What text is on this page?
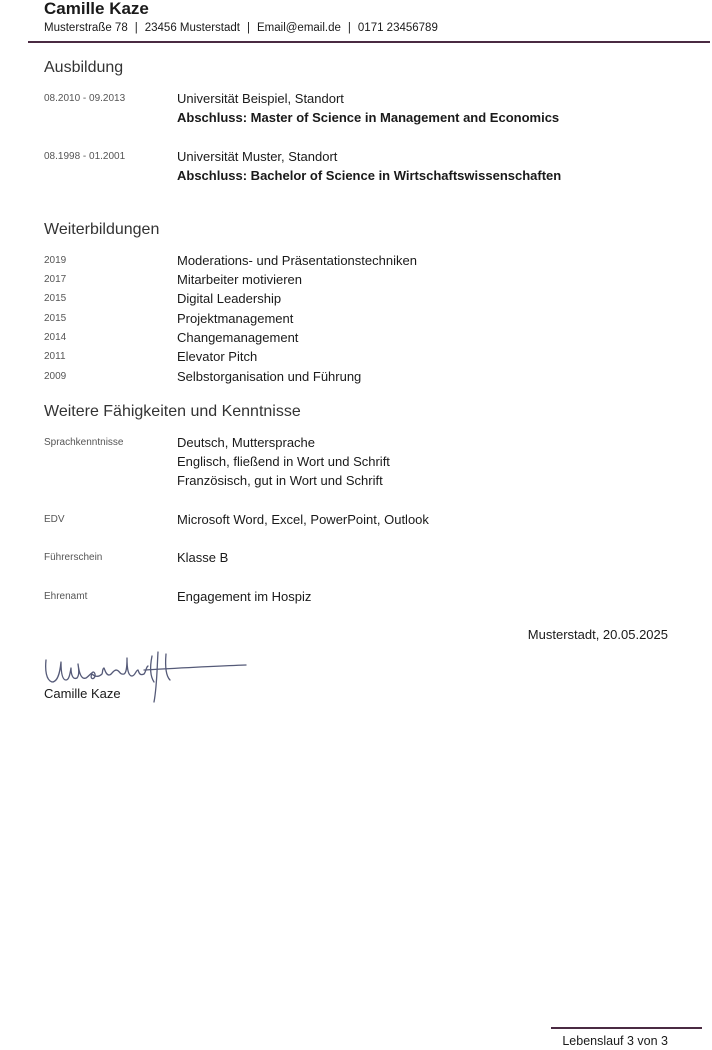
Camille Kaze
Musterstraße 78 | 23456 Musterstadt | Email@email.de | 0171 23456789
Ausbildung
08.2010 - 09.2013	Universität Beispiel, Standort
Abschluss: Master of Science in Management and Economics
08.1998 - 01.2001	Universität Muster, Standort
Abschluss: Bachelor of Science in Wirtschaftswissenschaften
Weiterbildungen
2019	Moderations- und Präsentationstechniken
2017	Mitarbeiter motivieren
2015	Digital Leadership
2015	Projektmanagement
2014	Changemanagement
2011	Elevator Pitch
2009	Selbstorganisation und Führung
Weitere Fähigkeiten und Kenntnisse
Sprachkenntnisse	Deutsch, Muttersprache
Englisch, fließend in Wort und Schrift
Französisch, gut in Wort und Schrift
EDV	Microsoft Word, Excel, PowerPoint, Outlook
Führerschein	Klasse B
Ehrenamt	Engagement im Hospiz
Musterstadt, 20.05.2025
Camille Kaze
Lebenslauf 3 von 3
